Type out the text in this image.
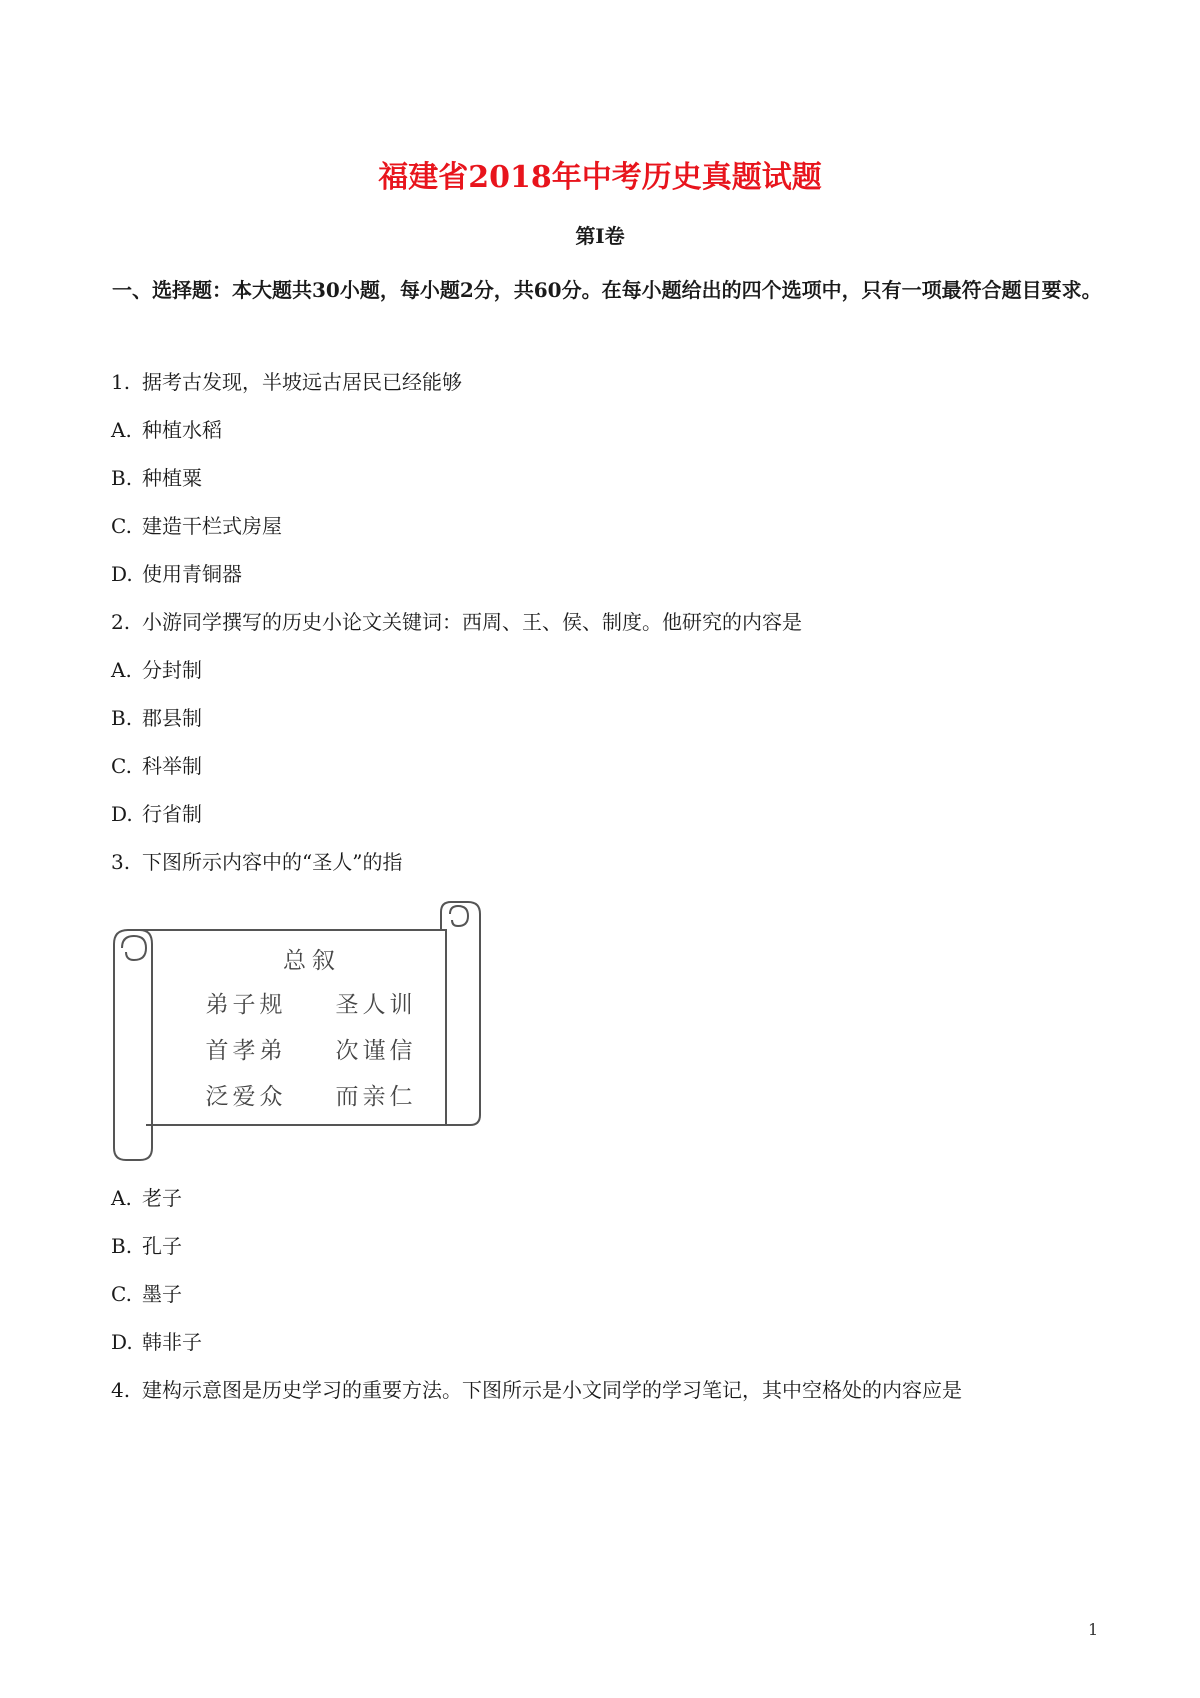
福建省2018年中考历史真题试题
第I卷
一、选择题：本大题共30小题，每小题2分，共60分。在每小题给出的四个选项中，只有一项最符合题目要求。
1. 据考古发现，半坡远古居民已经能够
A. 种植水稻
B. 种植粟
C. 建造干栏式房屋
D. 使用青铜器
2. 小游同学撰写的历史小论文关键词：西周、王、侯、制度。他研究的内容是
A. 分封制
B. 郡县制
C. 科举制
D. 行省制
3. 下图所示内容中的“圣人”的指
总叙
弟子规 圣人训
首孝弟 次谨信
泛爱众 而亲仁
A. 老子
B. 孔子
C. 墨子
D. 韩非子
4. 建构示意图是历史学习的重要方法。下图所示是小文同学的学习笔记，其中空格处的内容应是
1
